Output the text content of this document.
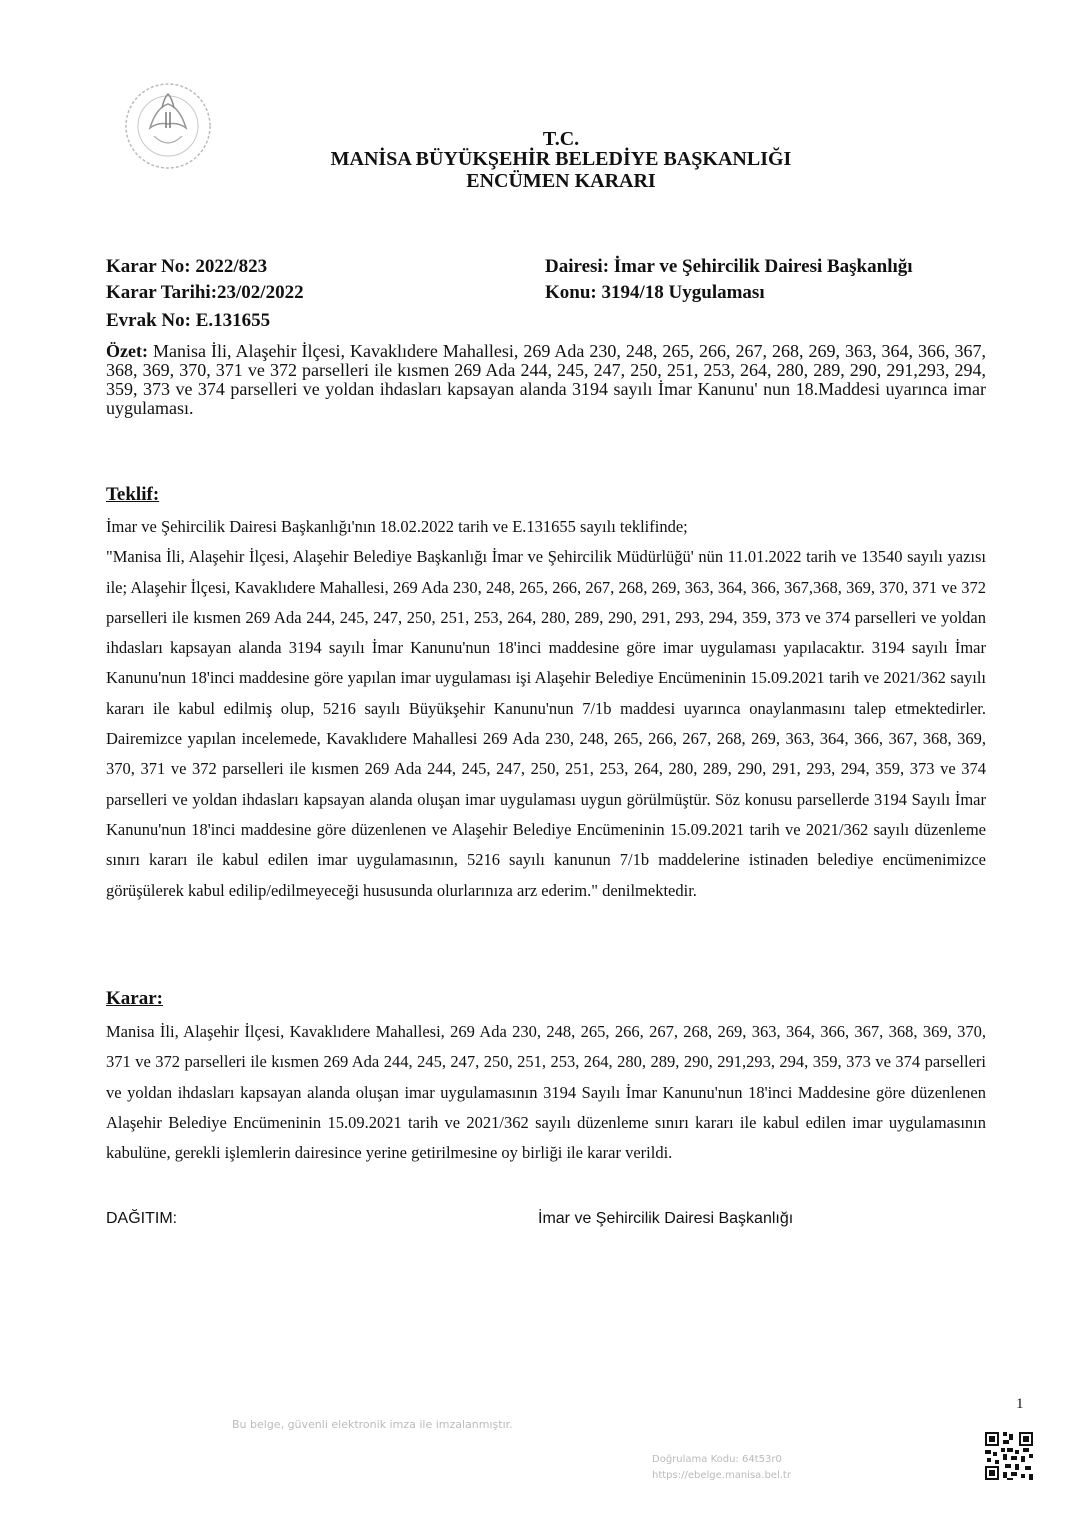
T.C.
MANİSA BÜYÜKŞEHİR BELEDİYE BAŞKANLIĞI
ENCÜMEN KARARI
Karar No: 2022/823
Karar Tarihi:23/02/2022
Evrak No: E.131655
Dairesi: İmar ve Şehircilik Dairesi Başkanlığı
Konu: 3194/18 Uygulaması
Özet: Manisa İli, Alaşehir İlçesi, Kavaklıdere Mahallesi, 269 Ada 230, 248, 265, 266, 267, 268, 269, 363, 364, 366, 367, 368, 369, 370, 371 ve 372 parselleri ile kısmen 269 Ada 244, 245, 247, 250, 251, 253, 264, 280, 289, 290, 291,293, 294, 359, 373 ve 374 parselleri ve yoldan ihdasları kapsayan alanda 3194 sayılı İmar Kanunu' nun 18.Maddesi uyarınca imar uygulaması.
Teklif:

İmar ve Şehircilik Dairesi Başkanlığı'nın 18.02.2022 tarih ve E.131655 sayılı teklifinde;

"Manisa İli, Alaşehir İlçesi, Alaşehir Belediye Başkanlığı İmar ve Şehircilik Müdürlüğü' nün 11.01.2022 tarih ve 13540 sayılı yazısı ile; Alaşehir İlçesi, Kavaklıdere Mahallesi, 269 Ada 230, 248, 265, 266, 267, 268, 269, 363, 364, 366, 367,368, 369, 370, 371 ve 372 parselleri ile kısmen 269 Ada 244, 245, 247, 250, 251, 253, 264, 280, 289, 290, 291, 293, 294, 359, 373 ve 374 parselleri ve yoldan ihdasları kapsayan alanda 3194 sayılı İmar Kanunu'nun 18'inci maddesine göre imar uygulaması yapılacaktır. 3194 sayılı İmar Kanunu'nun 18'inci maddesine göre yapılan imar uygulaması işi Alaşehir Belediye Encümeninin 15.09.2021 tarih ve 2021/362 sayılı kararı ile kabul edilmiş olup, 5216 sayılı Büyükşehir Kanunu'nun 7/1b maddesi uyarınca onaylanmasını talep etmektedirler. Dairemizce yapılan incelemede, Kavaklıdere Mahallesi 269 Ada 230, 248, 265, 266, 267, 268, 269, 363, 364, 366, 367, 368, 369, 370, 371 ve 372 parselleri ile kısmen 269 Ada 244, 245, 247, 250, 251, 253, 264, 280, 289, 290, 291, 293, 294, 359, 373 ve 374 parselleri ve yoldan ihdasları kapsayan alanda oluşan imar uygulaması uygun görülmüştür. Söz konusu parsellerde 3194 Sayılı İmar Kanunu'nun 18'inci maddesine göre düzenlenen ve Alaşehir Belediye Encümeninin 15.09.2021 tarih ve 2021/362 sayılı düzenleme sınırı kararı ile kabul edilen imar uygulamasının, 5216 sayılı kanunun 7/1b maddelerine istinaden belediye encümenimizce görüşülerek kabul edilip/edilmeyeceği hususunda olurlarınıza arz ederim." denilmektedir.

Karar:

Manisa İli, Alaşehir İlçesi, Kavaklıdere Mahallesi, 269 Ada 230, 248, 265, 266, 267, 268, 269, 363, 364, 366, 367, 368, 369, 370, 371 ve 372 parselleri ile kısmen 269 Ada 244, 245, 247, 250, 251, 253, 264, 280, 289, 290, 291,293, 294, 359, 373 ve 374 parselleri ve yoldan ihdasları kapsayan alanda oluşan imar uygulamasının 3194 Sayılı İmar Kanunu'nun 18'inci Maddesine göre düzenlenen Alaşehir Belediye Encümeninin 15.09.2021 tarih ve 2021/362 sayılı düzenleme sınırı kararı ile kabul edilen imar uygulamasının kabulüne, gerekli işlemlerin dairesince yerine getirilmesine oy birliği ile karar verildi.

DAĞITIM:	İmar ve Şehircilik Dairesi Başkanlığı
1
Bu belge, güvenli elektronik imza ile imzalanmıştır.
Doğrulama Kodu: 64t53r0
https://ebelge.manisa.bel.tr
